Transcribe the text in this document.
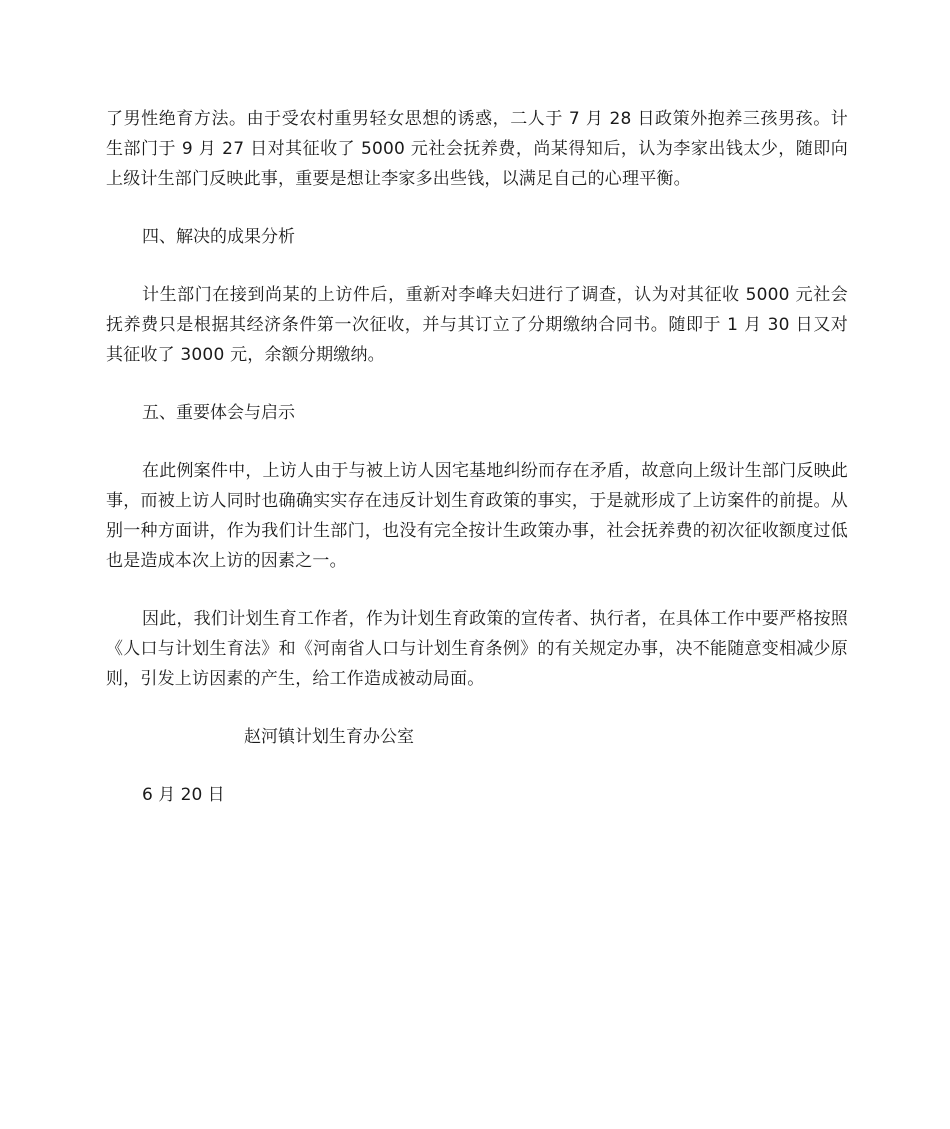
了男性绝育方法。由于受农村重男轻女思想的诱惑，二人于 7 月 28 日政策外抱养三孩男孩。计生部门于 9 月 27 日对其征收了 5000 元社会抚养费，尚某得知后，认为李家出钱太少，随即向上级计生部门反映此事，重要是想让李家多出些钱，以满足自己的心理平衡。

四、解决的成果分析

计生部门在接到尚某的上访件后，重新对李峰夫妇进行了调查，认为对其征收 5000 元社会抚养费只是根据其经济条件第一次征收，并与其订立了分期缴纳合同书。随即于 1 月 30 日又对其征收了 3000 元，余额分期缴纳。

五、重要体会与启示

在此例案件中，上访人由于与被上访人因宅基地纠纷而存在矛盾，故意向上级计生部门反映此事，而被上访人同时也确确实实存在违反计划生育政策的事实，于是就形成了上访案件的前提。从别一种方面讲，作为我们计生部门，也没有完全按计生政策办事，社会抚养费的初次征收额度过低也是造成本次上访的因素之一。

因此，我们计划生育工作者，作为计划生育政策的宣传者、执行者，在具体工作中要严格按照《人口与计划生育法》和《河南省人口与计划生育条例》的有关规定办事，决不能随意变相减少原则，引发上访因素的产生，给工作造成被动局面。

赵河镇计划生育办公室

6 月 20 日
